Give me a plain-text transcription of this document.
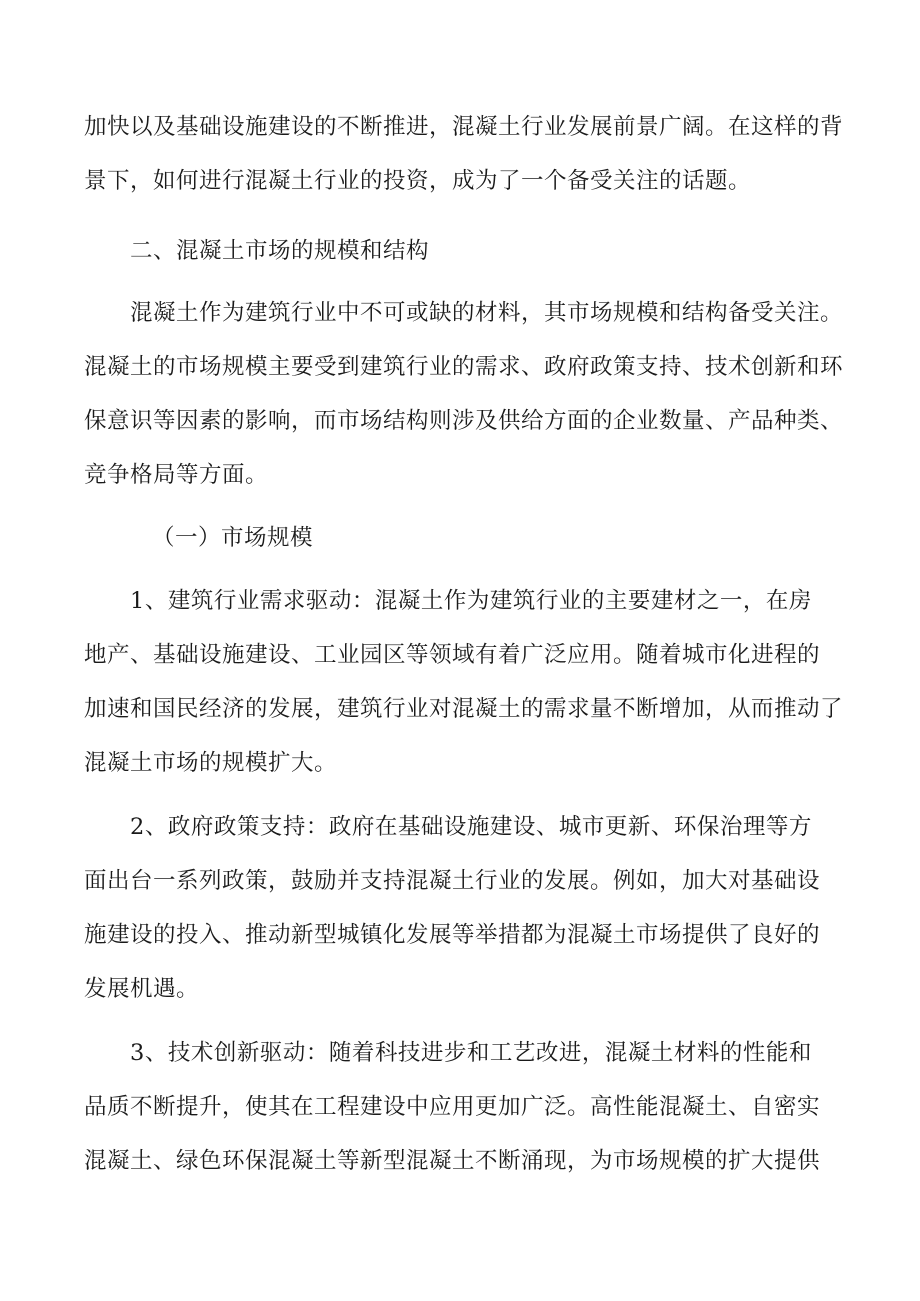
加快以及基础设施建设的不断推进，混凝土行业发展前景广阔。在这样的背
景下，如何进行混凝土行业的投资，成为了一个备受关注的话题。
二、混凝土市场的规模和结构
混凝土作为建筑行业中不可或缺的材料，其市场规模和结构备受关注。
混凝土的市场规模主要受到建筑行业的需求、政府政策支持、技术创新和环
保意识等因素的影响，而市场结构则涉及供给方面的企业数量、产品种类、
竞争格局等方面。
（一）市场规模
1、建筑行业需求驱动：混凝土作为建筑行业的主要建材之一，在房
地产、基础设施建设、工业园区等领域有着广泛应用。随着城市化进程的
加速和国民经济的发展，建筑行业对混凝土的需求量不断增加，从而推动了
混凝土市场的规模扩大。
2、政府政策支持：政府在基础设施建设、城市更新、环保治理等方
面出台一系列政策，鼓励并支持混凝土行业的发展。例如，加大对基础设
施建设的投入、推动新型城镇化发展等举措都为混凝土市场提供了良好的
发展机遇。
3、技术创新驱动：随着科技进步和工艺改进，混凝土材料的性能和
品质不断提升，使其在工程建设中应用更加广泛。高性能混凝土、自密实
混凝土、绿色环保混凝土等新型混凝土不断涌现，为市场规模的扩大提供
